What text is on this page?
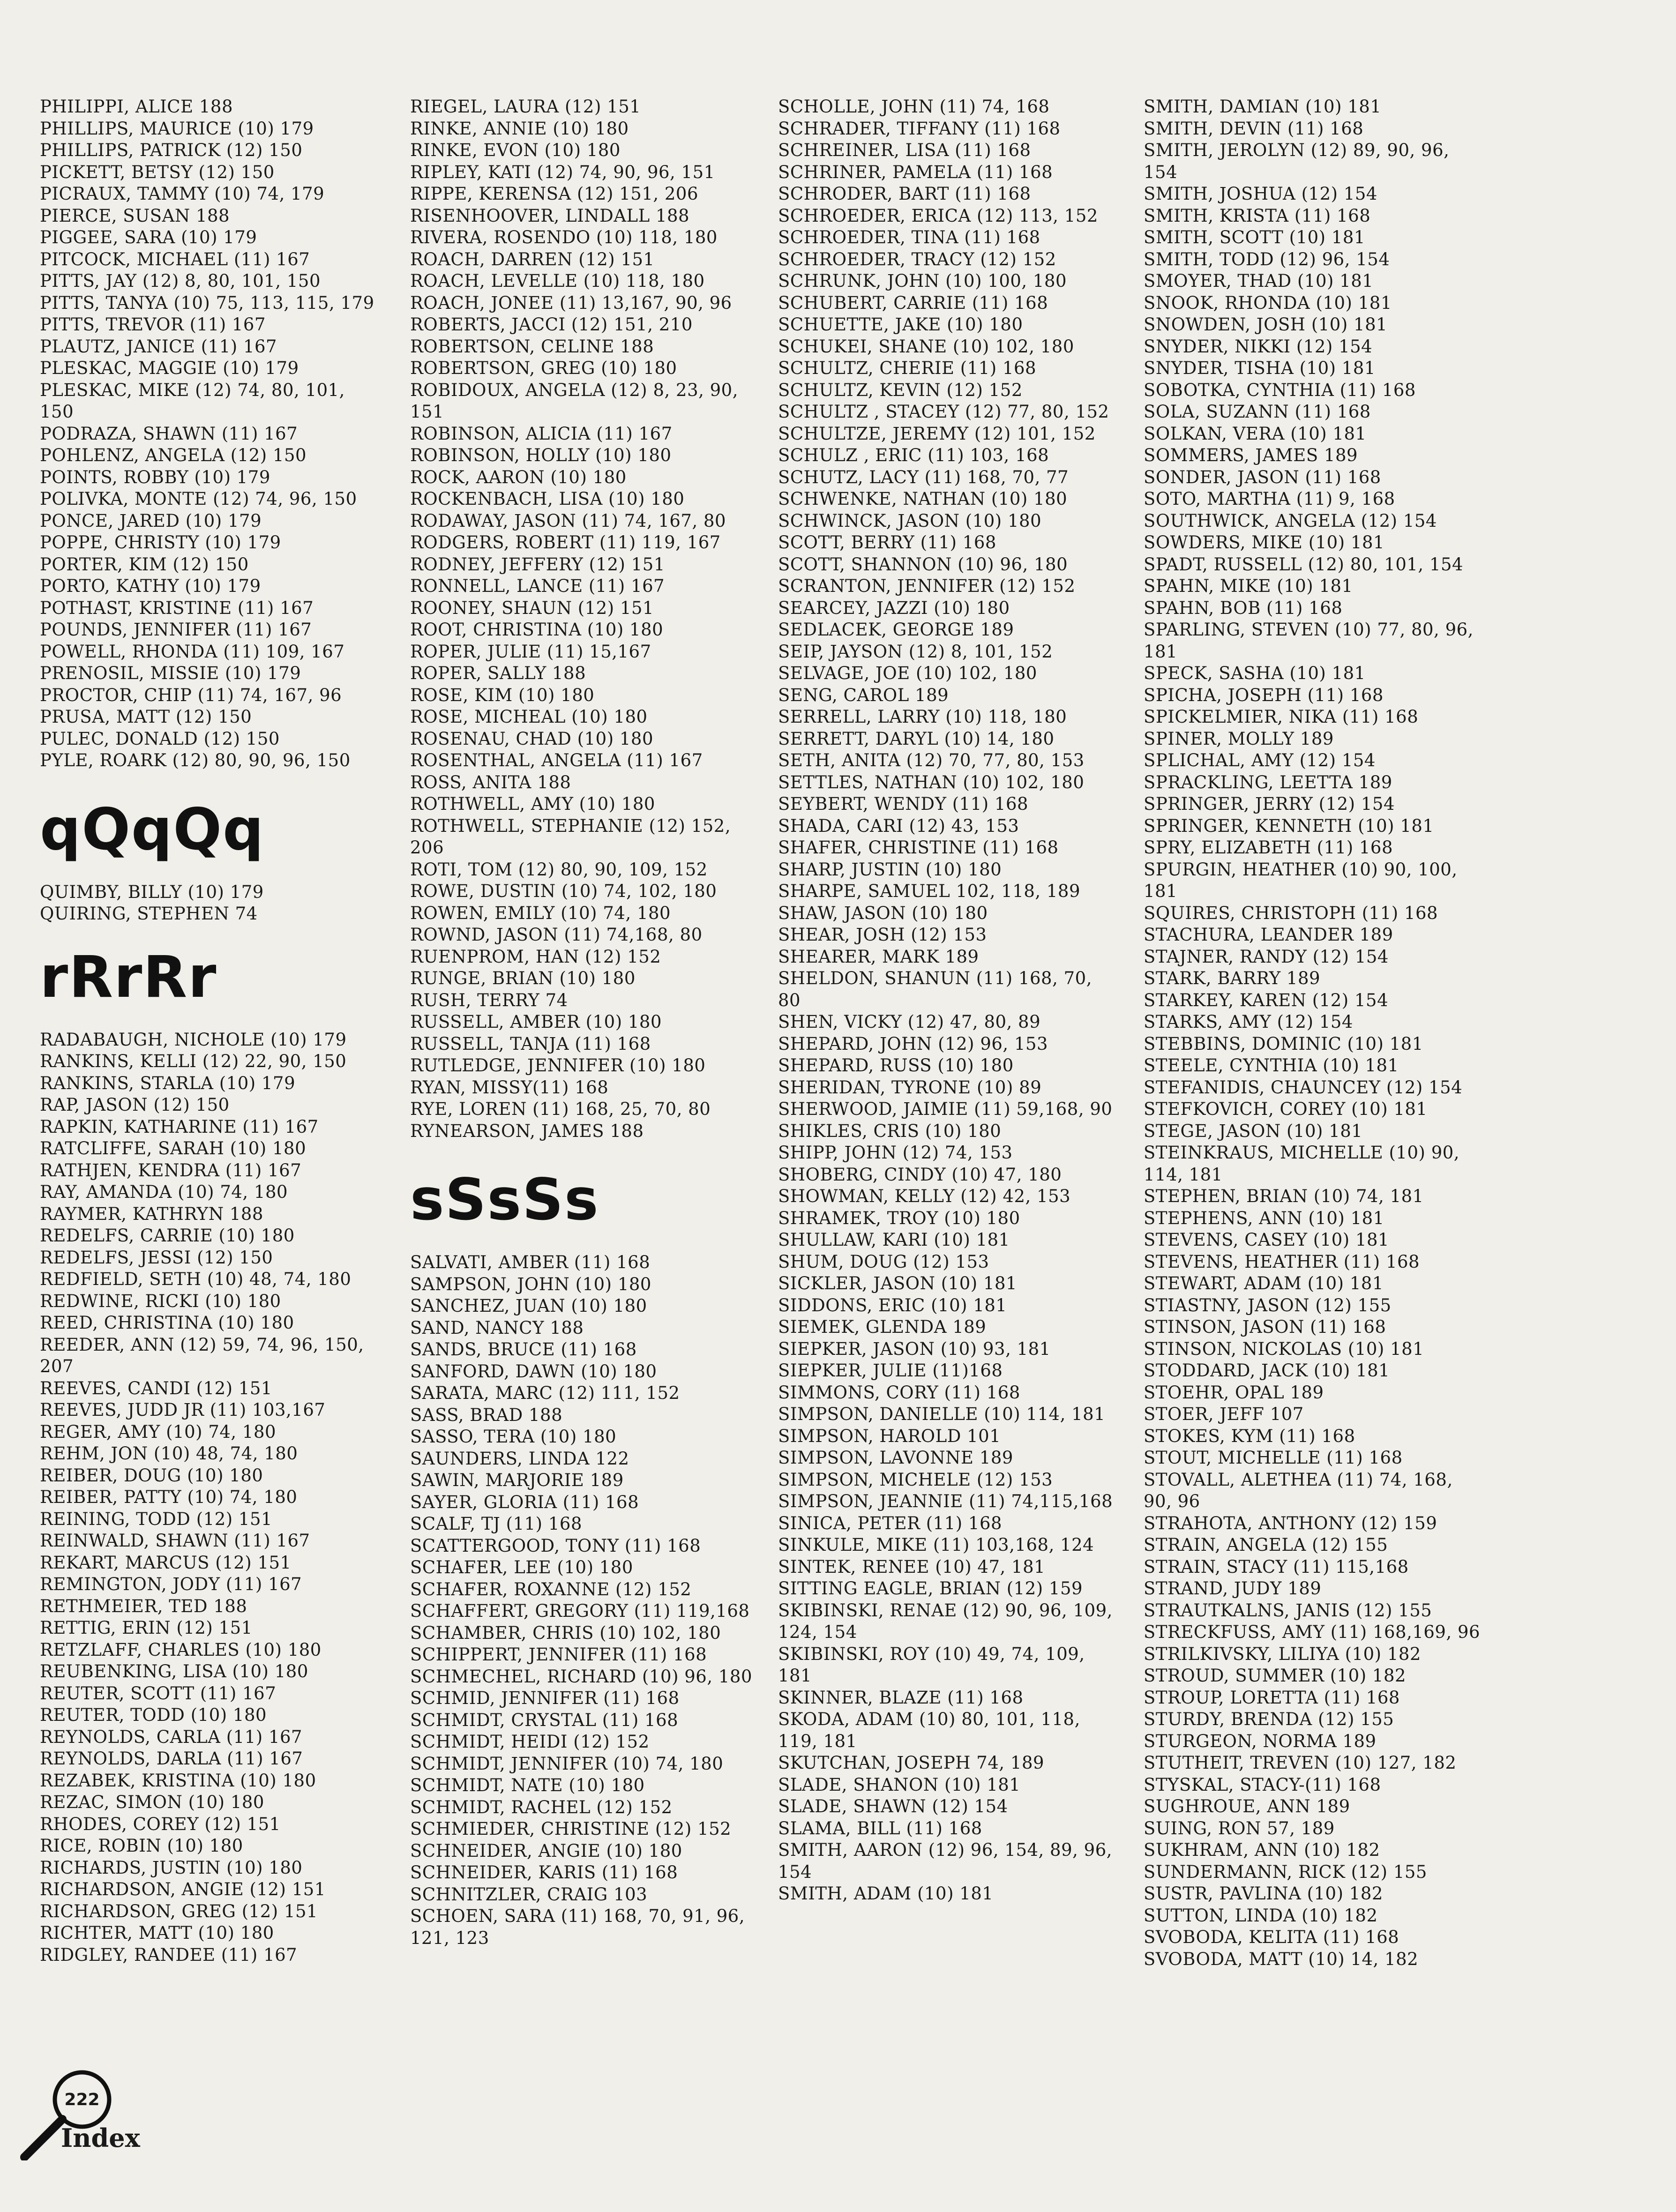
PHILIPPI, ALICE 188
PHILLIPS, MAURICE (10) 179
PHILLIPS, PATRICK (12) 150
PICKETT, BETSY (12) 150
PICRAUX, TAMMY (10) 74, 179
PIERCE, SUSAN 188
PIGGEE, SARA (10) 179
PITCOCK, MICHAEL (11) 167
PITTS, JAY (12) 8, 80, 101, 150
PITTS, TANYA (10) 75, 113, 115, 179
PITTS, TREVOR (11) 167
PLAUTZ, JANICE (11) 167
PLESKAC, MAGGIE (10) 179
PLESKAC, MIKE (12) 74, 80, 101, 150
PODRAZA, SHAWN (11) 167
POHLENZ, ANGELA (12) 150
POINTS, ROBBY (10) 179
POLIVKA, MONTE (12) 74, 96, 150
PONCE, JARED (10) 179
POPPE, CHRISTY (10) 179
PORTER, KIM (12) 150
PORTO, KATHY (10) 179
POTHAST, KRISTINE (11) 167
POUNDS, JENNIFER (11) 167
POWELL, RHONDA (11) 109, 167
PRENOSIL, MISSIE (10) 179
PROCTOR, CHIP (11) 74, 167, 96
PRUSA, MATT (12) 150
PULEC, DONALD (12) 150
PYLE, ROARK (12) 80, 90, 96, 150
qQqQq
QUIMBY, BILLY (10) 179
QUIRING, STEPHEN 74
rRrRr
RADABAUGH, NICHOLE (10) 179
RANKINS, KELLI (12) 22, 90, 150
RANKINS, STARLA (10) 179
RAP, JASON (12) 150
RAPKIN, KATHARINE (11) 167
RATCLIFFE, SARAH (10) 180
RATHJEN, KENDRA (11) 167
RAY, AMANDA (10) 74, 180
RAYMER, KATHRYN 188
REDELFS, CARRIE (10) 180
REDELFS, JESSI (12) 150
REDFIELD, SETH (10) 48, 74, 180
REDWINE, RICKI (10) 180
REED, CHRISTINA (10) 180
REEDER, ANN (12) 59, 74, 96, 150, 207
REEVES, CANDI (12) 151
REEVES, JUDD JR (11) 103,167
REGER, AMY (10) 74, 180
REHM, JON (10) 48, 74, 180
REIBER, DOUG (10) 180
REIBER, PATTY (10) 74, 180
REINING, TODD (12) 151
REINWALD, SHAWN (11) 167
REKART, MARCUS (12) 151
REMINGTON, JODY (11) 167
RETHMEIER, TED 188
RETTIG, ERIN (12) 151
RETZLAFF, CHARLES (10) 180
REUBENKING, LISA (10) 180
REUTER, SCOTT (11) 167
REUTER, TODD (10) 180
REYNOLDS, CARLA (11) 167
REYNOLDS, DARLA (11) 167
REZABEK, KRISTINA (10) 180
REZAC, SIMON (10) 180
RHODES, COREY (12) 151
RICE, ROBIN (10) 180
RICHARDS, JUSTIN (10) 180
RICHARDSON, ANGIE (12) 151
RICHARDSON, GREG (12) 151
RICHTER, MATT (10) 180
RIDGLEY, RANDEE (11) 167
RIEGEL, LAURA (12) 151
RINKE, ANNIE (10) 180
RINKE, EVON (10) 180
RIPLEY, KATI (12) 74, 90, 96, 151
RIPPE, KERENSA (12) 151, 206
RISENHOOVER, LINDALL 188
RIVERA, ROSENDO (10) 118, 180
ROACH, DARREN (12) 151
ROACH, LEVELLE (10) 118, 180
ROACH, JONEE (11) 13,167, 90, 96
ROBERTS, JACCI (12) 151, 210
ROBERTSON, CELINE 188
ROBERTSON, GREG (10) 180
ROBIDOUX, ANGELA (12) 8, 23, 90, 151
ROBINSON, ALICIA (11) 167
ROBINSON, HOLLY (10) 180
ROCK, AARON (10) 180
ROCKENBACH, LISA (10) 180
RODAWAY, JASON (11) 74, 167, 80
RODGERS, ROBERT (11) 119, 167
RODNEY, JEFFERY (12) 151
RONNELL, LANCE (11) 167
ROONEY, SHAUN (12) 151
ROOT, CHRISTINA (10) 180
ROPER, JULIE (11) 15,167
ROPER, SALLY 188
ROSE, KIM (10) 180
ROSE, MICHEAL (10) 180
ROSENAU, CHAD (10) 180
ROSENTHAL, ANGELA (11) 167
ROSS, ANITA 188
ROTHWELL, AMY (10) 180
ROTHWELL, STEPHANIE (12) 152, 206
ROTI, TOM (12) 80, 90, 109, 152
ROWE, DUSTIN (10) 74, 102, 180
ROWEN, EMILY (10) 74, 180
ROWND, JASON (11) 74,168, 80
RUENPROM, HAN (12) 152
RUNGE, BRIAN (10) 180
RUSH, TERRY 74
RUSSELL, AMBER (10) 180
RUSSELL, TANJA (11) 168
RUTLEDGE, JENNIFER (10) 180
RYAN, MISSY(11) 168
RYE, LOREN (11) 168, 25, 70, 80
RYNEARSON, JAMES 188
sSsSs
SALVATI, AMBER (11) 168
SAMPSON, JOHN (10) 180
SANCHEZ, JUAN (10) 180
SAND, NANCY 188
SANDS, BRUCE (11) 168
SANFORD, DAWN (10) 180
SARATA, MARC (12) 111, 152
SASS, BRAD 188
SASSO, TERA (10) 180
SAUNDERS, LINDA 122
SAWIN, MARJORIE 189
SAYER, GLORIA (11) 168
SCALF, TJ (11) 168
SCATTERGOOD, TONY (11) 168
SCHAFER, LEE (10) 180
SCHAFER, ROXANNE (12) 152
SCHAFFERT, GREGORY (11) 119,168
SCHAMBER, CHRIS (10) 102, 180
SCHIPPERT, JENNIFER (11) 168
SCHMECHEL, RICHARD (10) 96, 180
SCHMID, JENNIFER (11) 168
SCHMIDT, CRYSTAL (11) 168
SCHMIDT, HEIDI (12) 152
SCHMIDT, JENNIFER (10) 74, 180
SCHMIDT, NATE (10) 180
SCHMIDT, RACHEL (12) 152
SCHMIEDER, CHRISTINE (12) 152
SCHNEIDER, ANGIE (10) 180
SCHNEIDER, KARIS (11) 168
SCHNITZLER, CRAIG 103
SCHOEN, SARA (11) 168, 70, 91, 96, 121, 123
SCHOLLE, JOHN (11) 74, 168
SCHRADER, TIFFANY (11) 168
SCHREINER, LISA (11) 168
SCHRINER, PAMELA (11) 168
SCHRODER, BART (11) 168
SCHROEDER, ERICA (12) 113, 152
SCHROEDER, TINA (11) 168
SCHROEDER, TRACY (12) 152
SCHRUNK, JOHN (10) 100, 180
SCHUBERT, CARRIE (11) 168
SCHUETTE, JAKE (10) 180
SCHUKEI, SHANE (10) 102, 180
SCHULTZ, CHERIE (11) 168
SCHULTZ, KEVIN (12) 152
SCHULTZ , STACEY (12) 77, 80, 152
SCHULTZE, JEREMY (12) 101, 152
SCHULZ , ERIC (11) 103, 168
SCHUTZ, LACY (11) 168, 70, 77
SCHWENKE, NATHAN (10) 180
SCHWINCK, JASON (10) 180
SCOTT, BERRY (11) 168
SCOTT, SHANNON (10) 96, 180
SCRANTON, JENNIFER (12) 152
SEARCEY, JAZZI (10) 180
SEDLACEK, GEORGE 189
SEIP, JAYSON (12) 8, 101, 152
SELVAGE, JOE (10) 102, 180
SENG, CAROL 189
SERRELL, LARRY (10) 118, 180
SERRETT, DARYL (10) 14, 180
SETH, ANITA (12) 70, 77, 80, 153
SETTLES, NATHAN (10) 102, 180
SEYBERT, WENDY (11) 168
SHADA, CARI (12) 43, 153
SHAFER, CHRISTINE (11) 168
SHARP, JUSTIN (10) 180
SHARPE, SAMUEL 102, 118, 189
SHAW, JASON (10) 180
SHEAR, JOSH (12) 153
SHEARER, MARK 189
SHELDON, SHANUN (11) 168, 70, 80
SHEN, VICKY (12) 47, 80, 89
SHEPARD, JOHN (12) 96, 153
SHEPARD, RUSS (10) 180
SHERIDAN, TYRONE (10) 89
SHERWOOD, JAIMIE (11) 59,168, 90
SHIKLES, CRIS (10) 180
SHIPP, JOHN (12) 74, 153
SHOBERG, CINDY (10) 47, 180
SHOWMAN, KELLY (12) 42, 153
SHRAMEK, TROY (10) 180
SHULLAW, KARI (10) 181
SHUM, DOUG (12) 153
SICKLER, JASON (10) 181
SIDDONS, ERIC (10) 181
SIEMEK, GLENDA 189
SIEPKER, JASON (10) 93, 181
SIEPKER, JULIE (11)168
SIMMONS, CORY (11) 168
SIMPSON, DANIELLE (10) 114, 181
SIMPSON, HAROLD 101
SIMPSON, LAVONNE 189
SIMPSON, MICHELE (12) 153
SIMPSON, JEANNIE (11) 74,115,168
SINICA, PETER (11) 168
SINKULE, MIKE (11) 103,168, 124
SINTEK, RENEE (10) 47, 181
SITTING EAGLE, BRIAN (12) 159
SKIBINSKI, RENAE (12) 90, 96, 109, 124, 154
SKIBINSKI, ROY (10) 49, 74, 109, 181
SKINNER, BLAZE (11) 168
SKODA, ADAM (10) 80, 101, 118, 119, 181
SKUTCHAN, JOSEPH 74, 189
SLADE, SHANON (10) 181
SLADE, SHAWN (12) 154
SLAMA, BILL (11) 168
SMITH, AARON (12) 96, 154, 89, 96, 154
SMITH, ADAM (10) 181
SMITH, DAMIAN (10) 181
SMITH, DEVIN (11) 168
SMITH, JEROLYN (12) 89, 90, 96, 154
SMITH, JOSHUA (12) 154
SMITH, KRISTA (11) 168
SMITH, SCOTT (10) 181
SMITH, TODD (12) 96, 154
SMOYER, THAD (10) 181
SNOOK, RHONDA (10) 181
SNOWDEN, JOSH (10) 181
SNYDER, NIKKI (12) 154
SNYDER, TISHA (10) 181
SOBOTKA, CYNTHIA (11) 168
SOLA, SUZANN (11) 168
SOLKAN, VERA (10) 181
SOMMERS, JAMES 189
SONDER, JASON (11) 168
SOTO, MARTHA (11) 9, 168
SOUTHWICK, ANGELA (12) 154
SOWDERS, MIKE (10) 181
SPADT, RUSSELL (12) 80, 101, 154
SPAHN, MIKE (10) 181
SPAHN, BOB (11) 168
SPARLING, STEVEN (10) 77, 80, 96, 181
SPECK, SASHA (10) 181
SPICHA, JOSEPH (11) 168
SPICKELMIER, NIKA (11) 168
SPINER, MOLLY 189
SPLICHAL, AMY (12) 154
SPRACKLING, LEETTA 189
SPRINGER, JERRY (12) 154
SPRINGER, KENNETH (10) 181
SPRY, ELIZABETH (11) 168
SPURGIN, HEATHER (10) 90, 100, 181
SQUIRES, CHRISTOPH (11) 168
STACHURA, LEANDER 189
STAJNER, RANDY (12) 154
STARK, BARRY 189
STARKEY, KAREN (12) 154
STARKS, AMY (12) 154
STEBBINS, DOMINIC (10) 181
STEELE, CYNTHIA (10) 181
STEFANIDIS, CHAUNCEY (12) 154
STEFKOVICH, COREY (10) 181
STEGE, JASON (10) 181
STEINKRAUS, MICHELLE (10) 90, 114, 181
STEPHEN, BRIAN (10) 74, 181
STEPHENS, ANN (10) 181
STEVENS, CASEY (10) 181
STEVENS, HEATHER (11) 168
STEWART, ADAM (10) 181
STIASTNY, JASON (12) 155
STINSON, JASON (11) 168
STINSON, NICKOLAS (10) 181
STODDARD, JACK (10) 181
STOEHR, OPAL 189
STOER, JEFF 107
STOKES, KYM (11) 168
STOUT, MICHELLE (11) 168
STOVALL, ALETHEA (11) 74, 168, 90, 96
STRAHOTA, ANTHONY (12) 159
STRAIN, ANGELA (12) 155
STRAIN, STACY (11) 115,168
STRAND, JUDY 189
STRAUTKALNS, JANIS (12) 155
STRECKFUSS, AMY (11) 168,169, 96
STRILKIVSKY, LILIYA (10) 182
STROUD, SUMMER (10) 182
STROUP, LORETTA (11) 168
STURDY, BRENDA (12) 155
STURGEON, NORMA 189
STUTHEIT, TREVEN (10) 127, 182
STYSKAL, STACY-(11) 168
SUGHROUE, ANN 189
SUING, RON 57, 189
SUKHRAM, ANN (10) 182
SUNDERMANN, RICK (12) 155
SUSTR, PAVLINA (10) 182
SUTTON, LINDA (10) 182
SVOBODA, KELITA (11) 168
SVOBODA, MATT (10) 14, 182
222
Index
